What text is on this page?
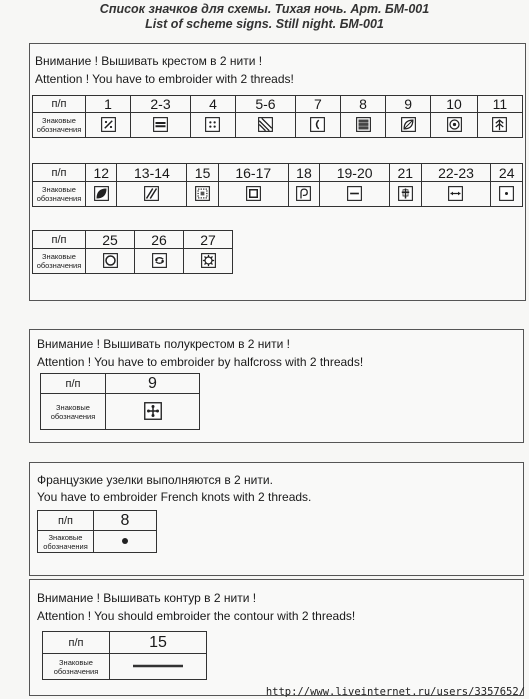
Список значков для схемы. Тихая ночь. Арт. БМ-001
List of scheme signs. Still night. БМ-001
Внимание ! Вышивать крестом в 2 нити !
Attention ! You have to embroider with 2 threads!
п/п	1	2-3	4	5-6	7	8	9	10	11
Знаковые
обозначения									
п/п	12	13-14	15	16-17	18	19-20	21	22-23	24
Знаковые
обозначения									
п/п	25	26	27
Знаковые
обозначения			
Внимание ! Вышивать полукрестом в 2 нити !
Attention ! You have to embroider by halfcross with 2 threads!
п/п	9
Знаковые
обозначения	
Французкие узелки выполняются в 2 нити.
You have to embroider French knots with 2 threads.
п/п	8
Знаковые
обозначения	
Внимание ! Вышивать контур в 2 нити !
Attention ! You should embroider the contour with 2 threads!
п/п	15
Знаковые
обозначения	
http://www.liveinternet.ru/users/3357652/
